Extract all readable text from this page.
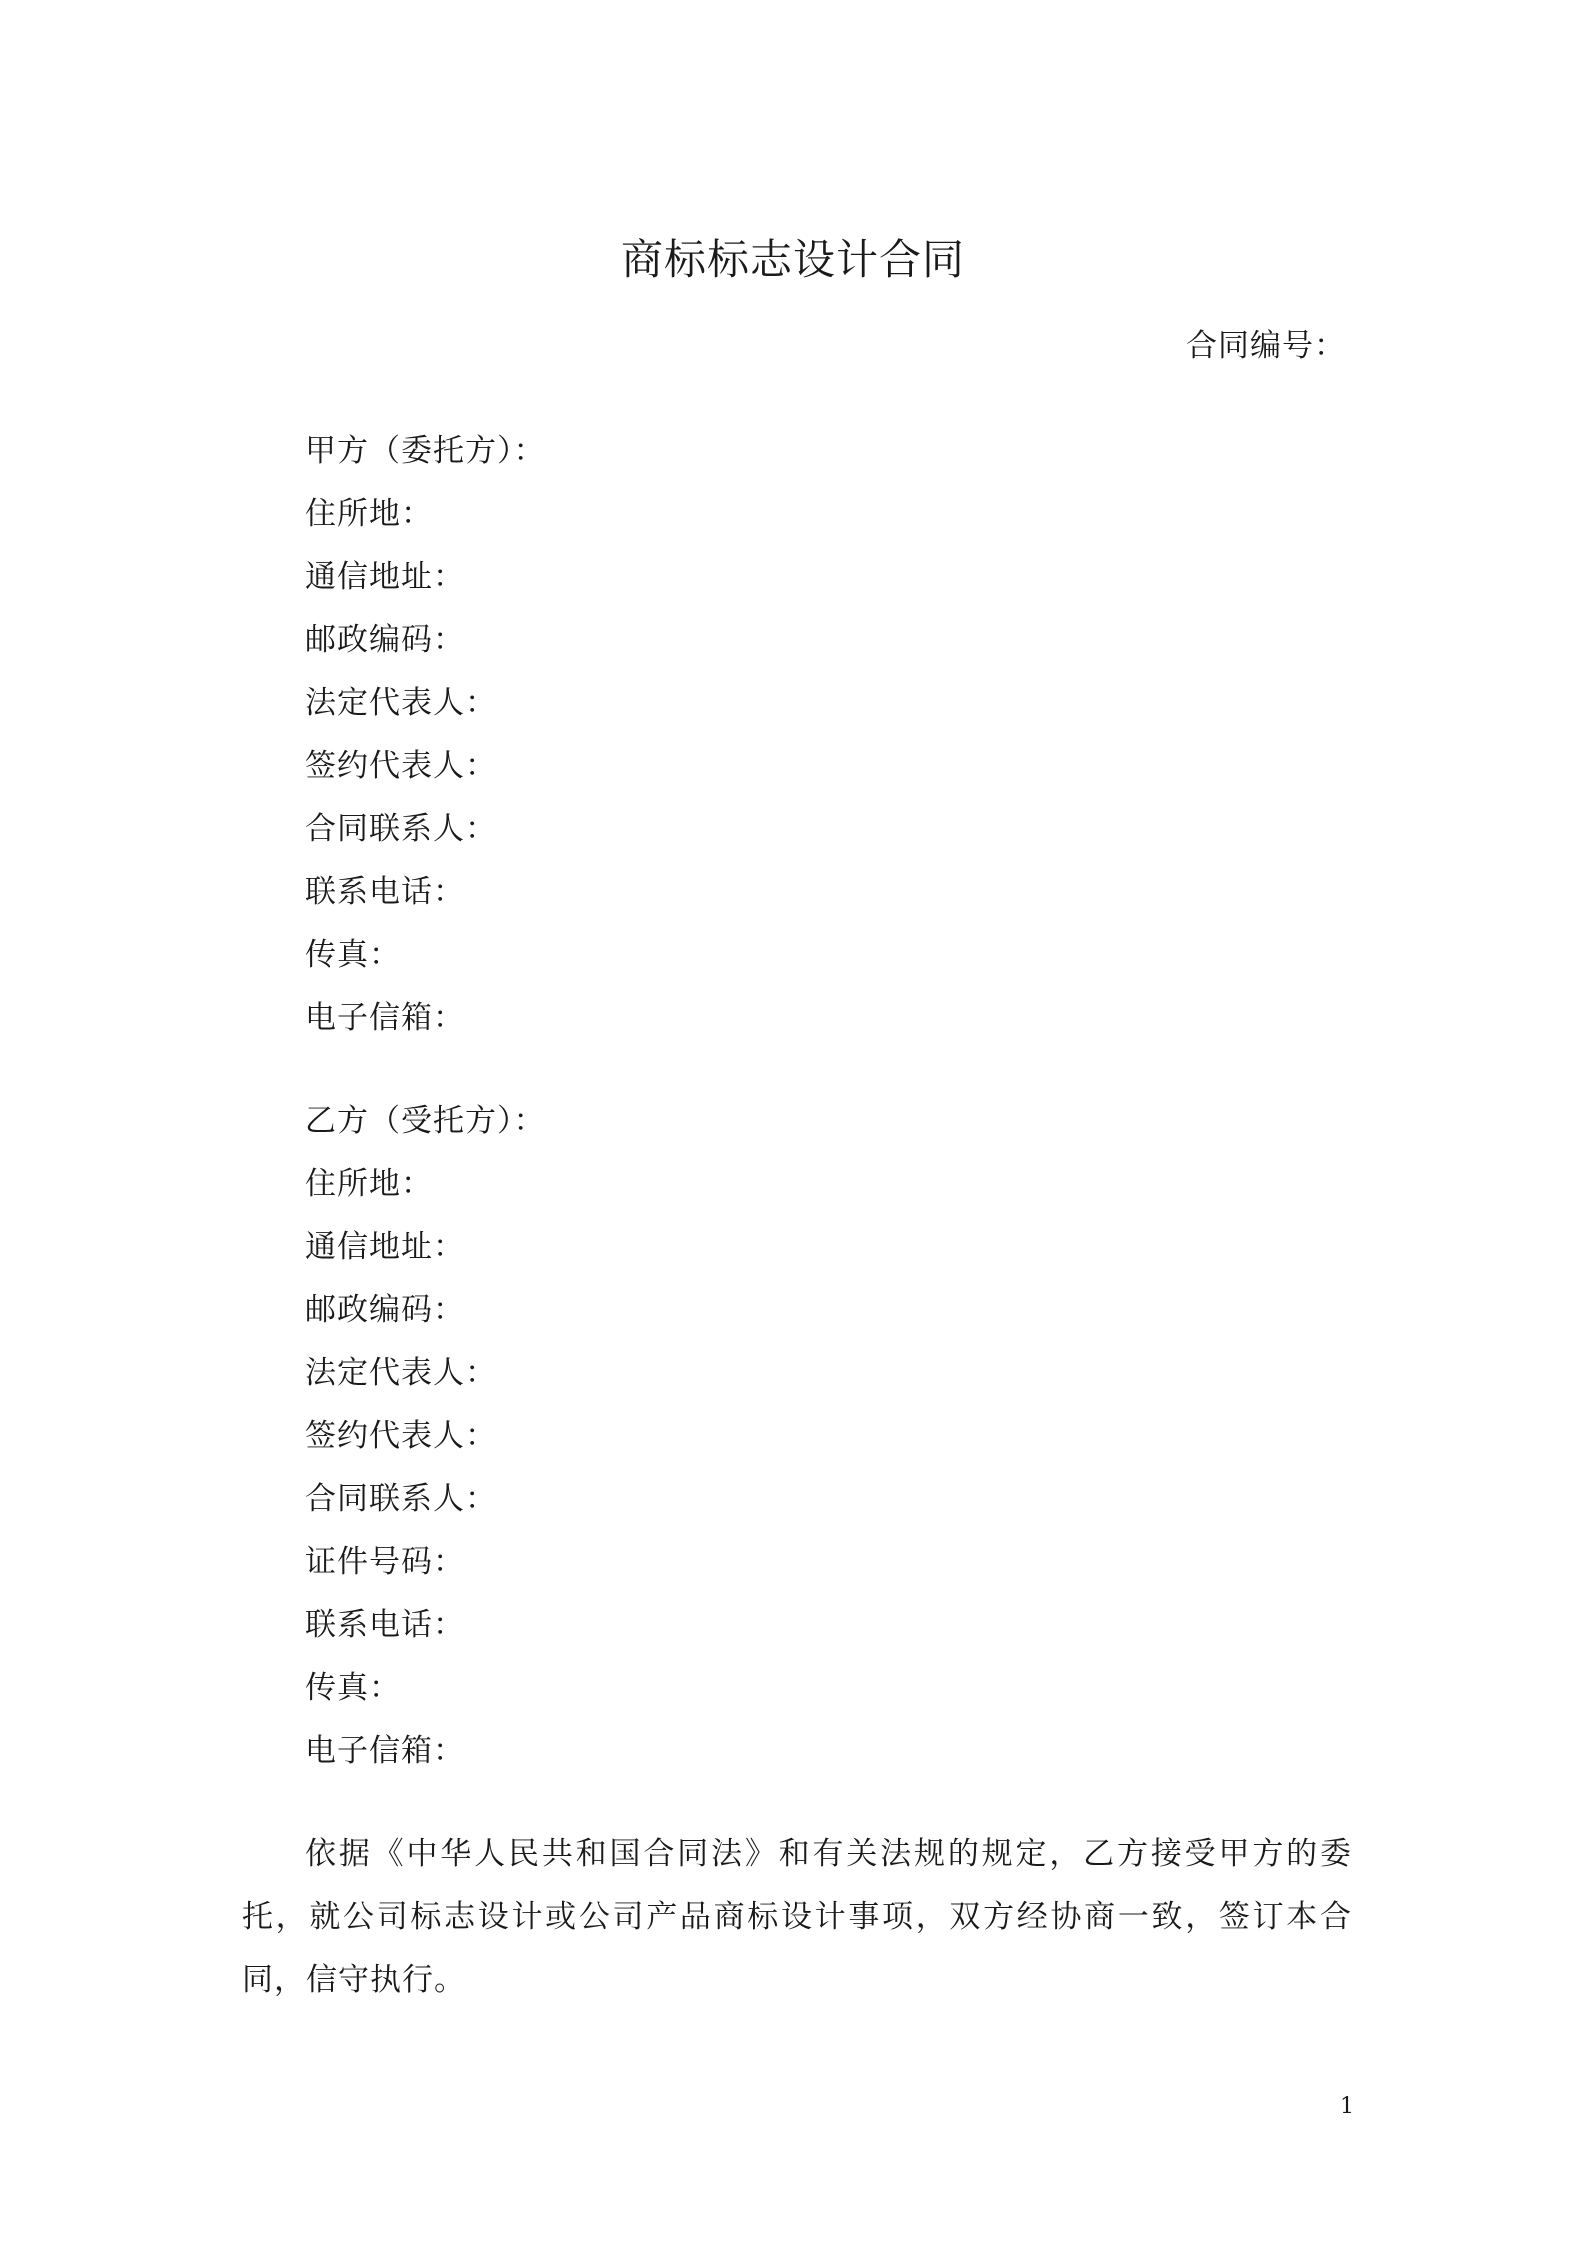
商标标志设计合同
合同编号：
甲方（委托方）：
住所地：
通信地址：
邮政编码：
法定代表人：
签约代表人：
合同联系人：
联系电话：
传真：
电子信箱：
乙方（受托方）：
住所地：
通信地址：
邮政编码：
法定代表人：
签约代表人：
合同联系人：
证件号码：
联系电话：
传真：
电子信箱：

依据《中华人民共和国合同法》和有关法规的规定，乙方接受甲方的委托，就公司标志设计或公司产品商标设计事项，双方经协商一致，签订本合同，信守执行。

1
